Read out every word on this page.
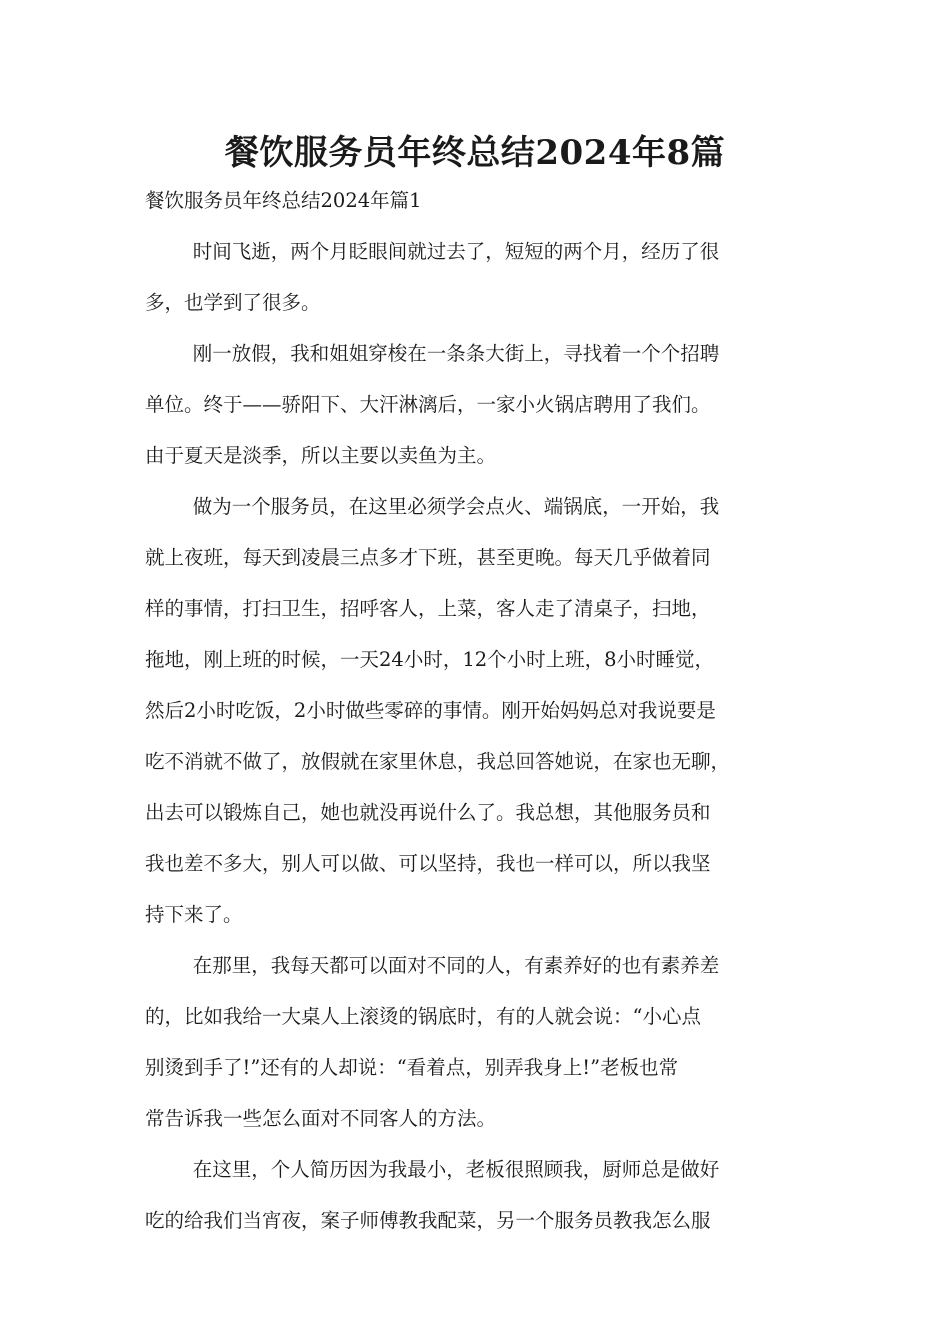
餐饮服务员年终总结2024年8篇

餐饮服务员年终总结2024年篇1

时间飞逝，两个月眨眼间就过去了，短短的两个月，经历了很
多，也学到了很多。

刚一放假，我和姐姐穿梭在一条条大街上，寻找着一个个招聘
单位。终于——骄阳下、大汗淋漓后，一家小火锅店聘用了我们。
由于夏天是淡季，所以主要以卖鱼为主。

做为一个服务员，在这里必须学会点火、端锅底，一开始，我
就上夜班，每天到凌晨三点多才下班，甚至更晚。每天几乎做着同
样的事情，打扫卫生，招呼客人，上菜，客人走了清桌子，扫地，
拖地，刚上班的时候，一天24小时，12个小时上班，8小时睡觉，
然后2小时吃饭，2小时做些零碎的事情。刚开始妈妈总对我说要是
吃不消就不做了，放假就在家里休息，我总回答她说，在家也无聊，
出去可以锻炼自己，她也就没再说什么了。我总想，其他服务员和
我也差不多大，别人可以做、可以坚持，我也一样可以，所以我坚
持下来了。

在那里，我每天都可以面对不同的人，有素养好的也有素养差
的，比如我给一大桌人上滚烫的锅底时，有的人就会说：“小心点
别烫到手了!”还有的人却说：“看着点，别弄我身上!”老板也常
常告诉我一些怎么面对不同客人的方法。

在这里，个人简历因为我最小，老板很照顾我，厨师总是做好
吃的给我们当宵夜，案子师傅教我配菜，另一个服务员教我怎么服
